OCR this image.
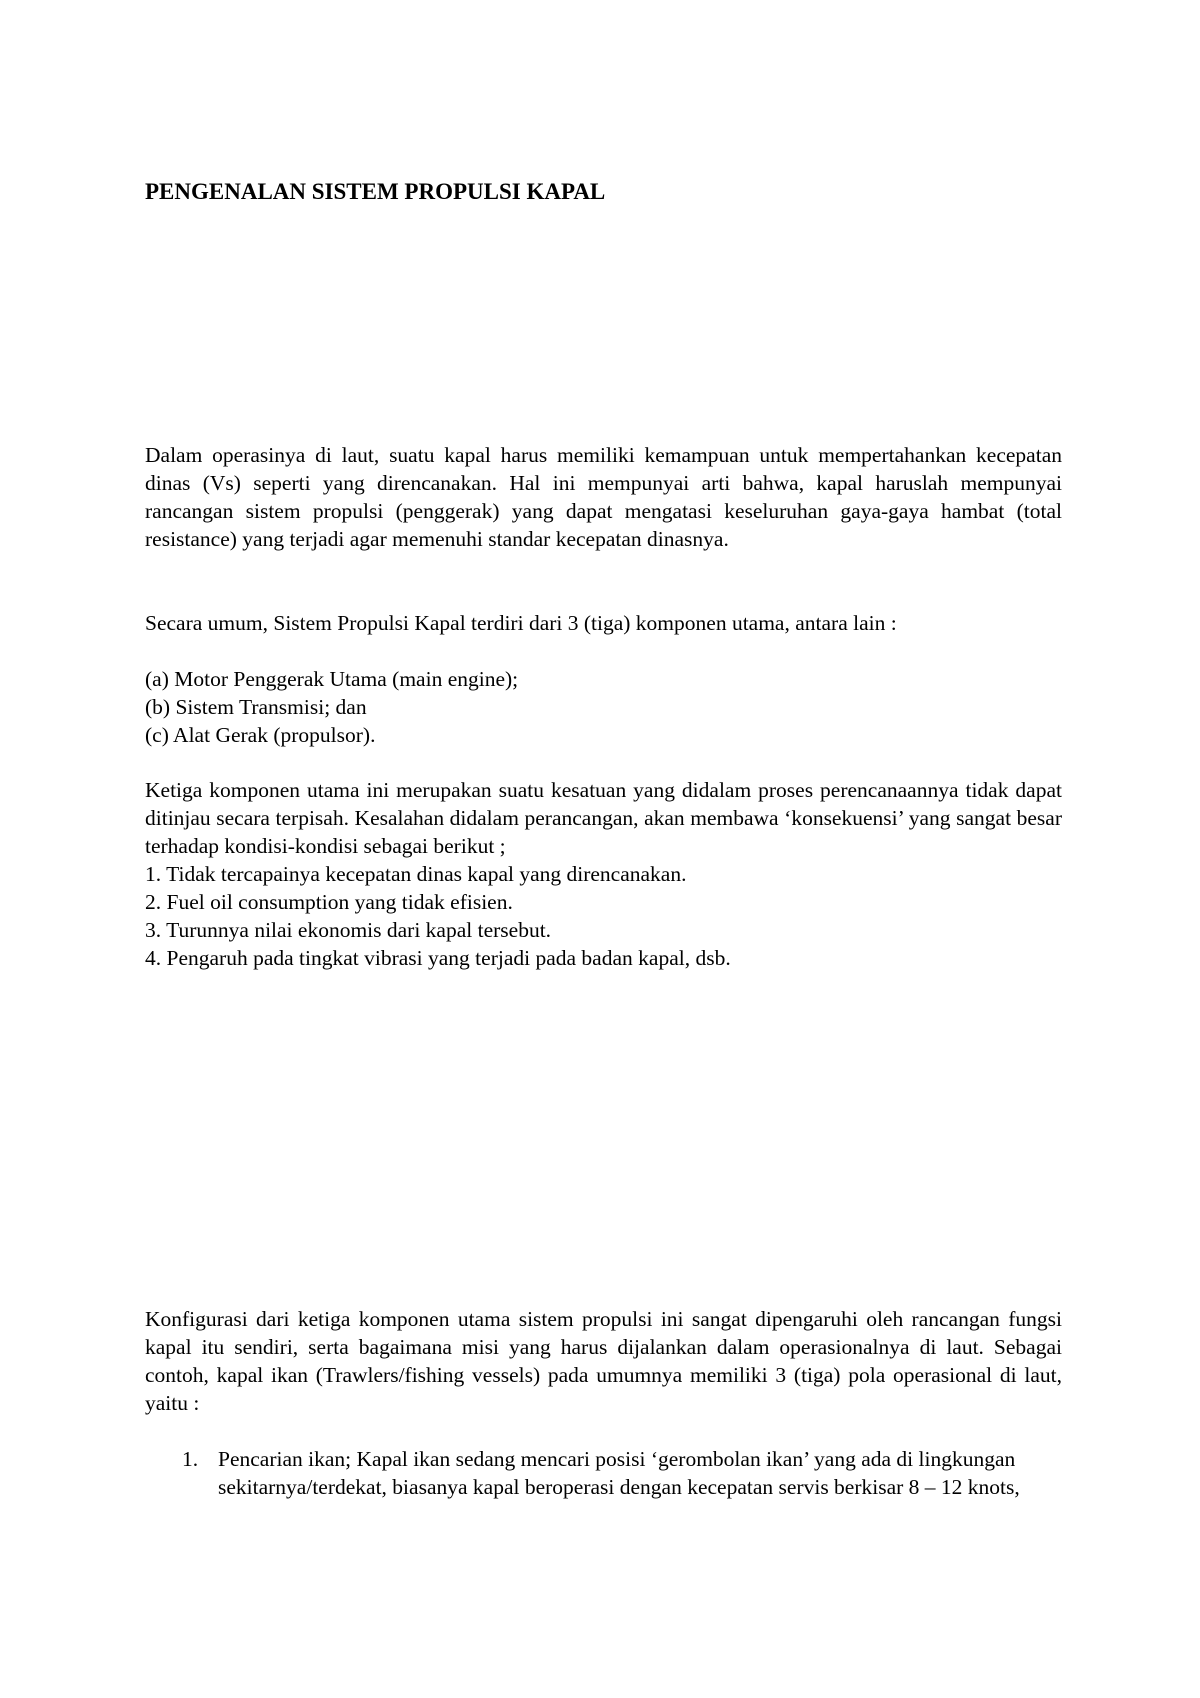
PENGENALAN SISTEM PROPULSI KAPAL

Dalam operasinya di laut, suatu kapal harus memiliki kemampuan untuk mempertahankan kecepatan dinas (Vs) seperti yang direncanakan. Hal ini mempunyai arti bahwa, kapal haruslah mempunyai rancangan sistem propulsi (penggerak) yang dapat mengatasi keseluruhan gaya-gaya hambat (total resistance) yang terjadi agar memenuhi standar kecepatan dinasnya.

Secara umum, Sistem Propulsi Kapal terdiri dari 3 (tiga) komponen utama, antara lain :

(a) Motor Penggerak Utama (main engine);

(b) Sistem Transmisi; dan

(c) Alat Gerak (propulsor).

Ketiga komponen utama ini merupakan suatu kesatuan yang didalam proses perencanaannya tidak dapat ditinjau secara terpisah. Kesalahan didalam perancangan, akan membawa ‘konsekuensi’ yang sangat besar terhadap kondisi-kondisi sebagai berikut ;

1. Tidak tercapainya kecepatan dinas kapal yang direncanakan.

2. Fuel oil consumption yang tidak efisien.

3. Turunnya nilai ekonomis dari kapal tersebut.

4. Pengaruh pada tingkat vibrasi yang terjadi pada badan kapal, dsb.

Konfigurasi dari ketiga komponen utama sistem propulsi ini sangat dipengaruhi oleh rancangan fungsi kapal itu sendiri, serta bagaimana misi yang harus dijalankan dalam operasionalnya di laut. Sebagai contoh, kapal ikan (Trawlers/fishing vessels) pada umumnya memiliki 3 (tiga) pola operasional di laut, yaitu :

1. Pencarian ikan; Kapal ikan sedang mencari posisi ‘gerombolan ikan’ yang ada di lingkungan sekitarnya/terdekat, biasanya kapal beroperasi dengan kecepatan servis berkisar 8 – 12 knots,
